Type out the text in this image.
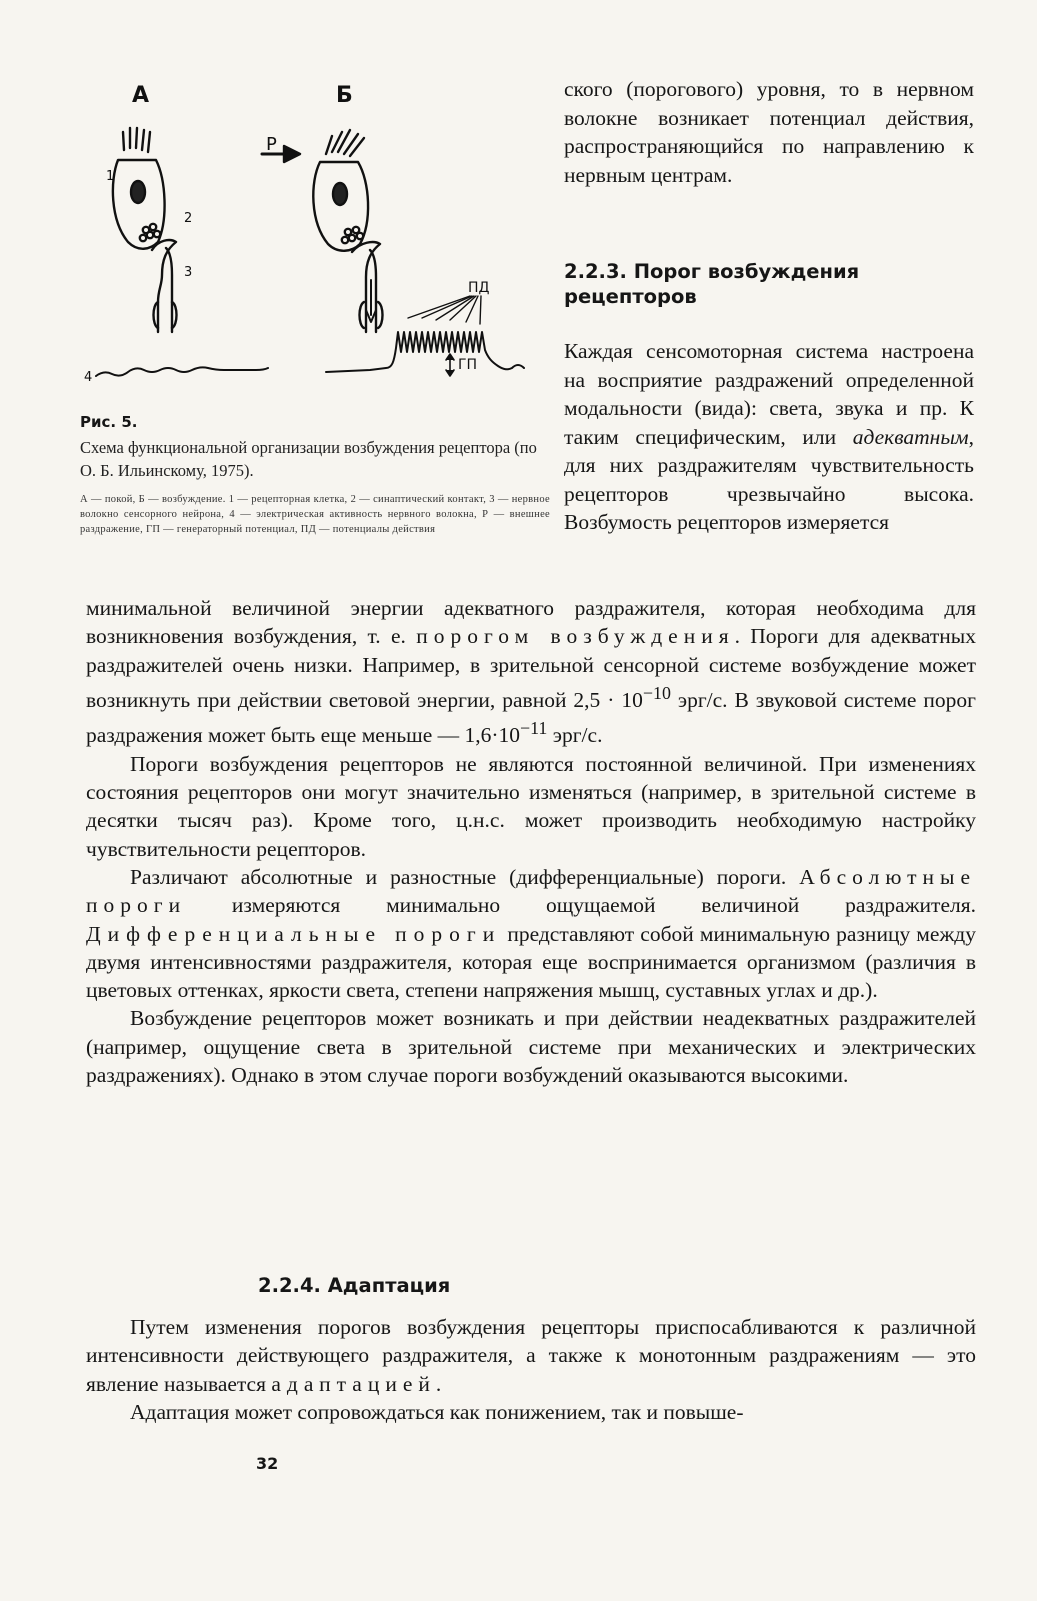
А
1
2
3
4
Б
Р
ПД
ГП

Рис. 5.

Схема функциональной организации возбуждения рецептора (по О. Б. Ильинскому, 1975).

А — покой, Б — возбуждение. 1 — рецепторная клетка, 2 — синаптический контакт, 3 — нервное волокно сенсорного нейрона, 4 — электрическая активность нервного волокна, Р — внешнее раздражение, ГП — генераторный потенциал, ПД — потенциалы действия

ского (порогового) уровня, то в нервном волокне возникает потенциал действия, распространяющийся по направлению к нервным центрам.

2.2.3. Порог возбуждения рецепторов

Каждая сенсомоторная система настроена на восприятие раздражений определенной модальности (вида): света, звука и пр. К таким специфическим, или адекватным, для них раздражителям чувствительность рецепторов чрезвычайно высока. Возбумость рецепторов измеряется

минимальной величиной энергии адекватного раздражителя, которая необходима для возникновения возбуждения, т. е. порогом возбуждения. Пороги для адекватных раздражителей очень низки. Например, в зрительной сенсорной системе возбуждение может возникнуть при действии световой энергии, равной $2,5 \cdot 10^{-10}$ эрг/с. В звуковой системе порог раздражения может быть еще меньше — $1,6\cdot 10^{-11}$ эрг/с.

Пороги возбуждения рецепторов не являются постоянной величиной. При изменениях состояния рецепторов они могут значительно изменяться (например, в зрительной системе в десятки тысяч раз). Кроме того, ц.н.с. может производить необходимую настройку чувствительности рецепторов.

Различают абсолютные и разностные (дифференциальные) пороги. Абсолютные пороги измеряются минимально ощущаемой величиной раздражителя. Дифференциальные пороги представляют собой минимальную разницу между двумя интенсивностями раздражителя, которая еще воспринимается организмом (различия в цветовых оттенках, яркости света, степени напряжения мышц, суставных углах и др.).

Возбуждение рецепторов может возникать и при действии неадекватных раздражителей (например, ощущение света в зрительной системе при механических и электрических раздражениях). Однако в этом случае пороги возбуждений оказываются высокими.

2.2.4. Адаптация

Путем изменения порогов возбуждения рецепторы приспосабливаются к различной интенсивности действующего раздражителя, а также к монотонным раздражениям — это явление называется адаптацией.

Адаптация может сопровождаться как понижением, так и повыше-

32
